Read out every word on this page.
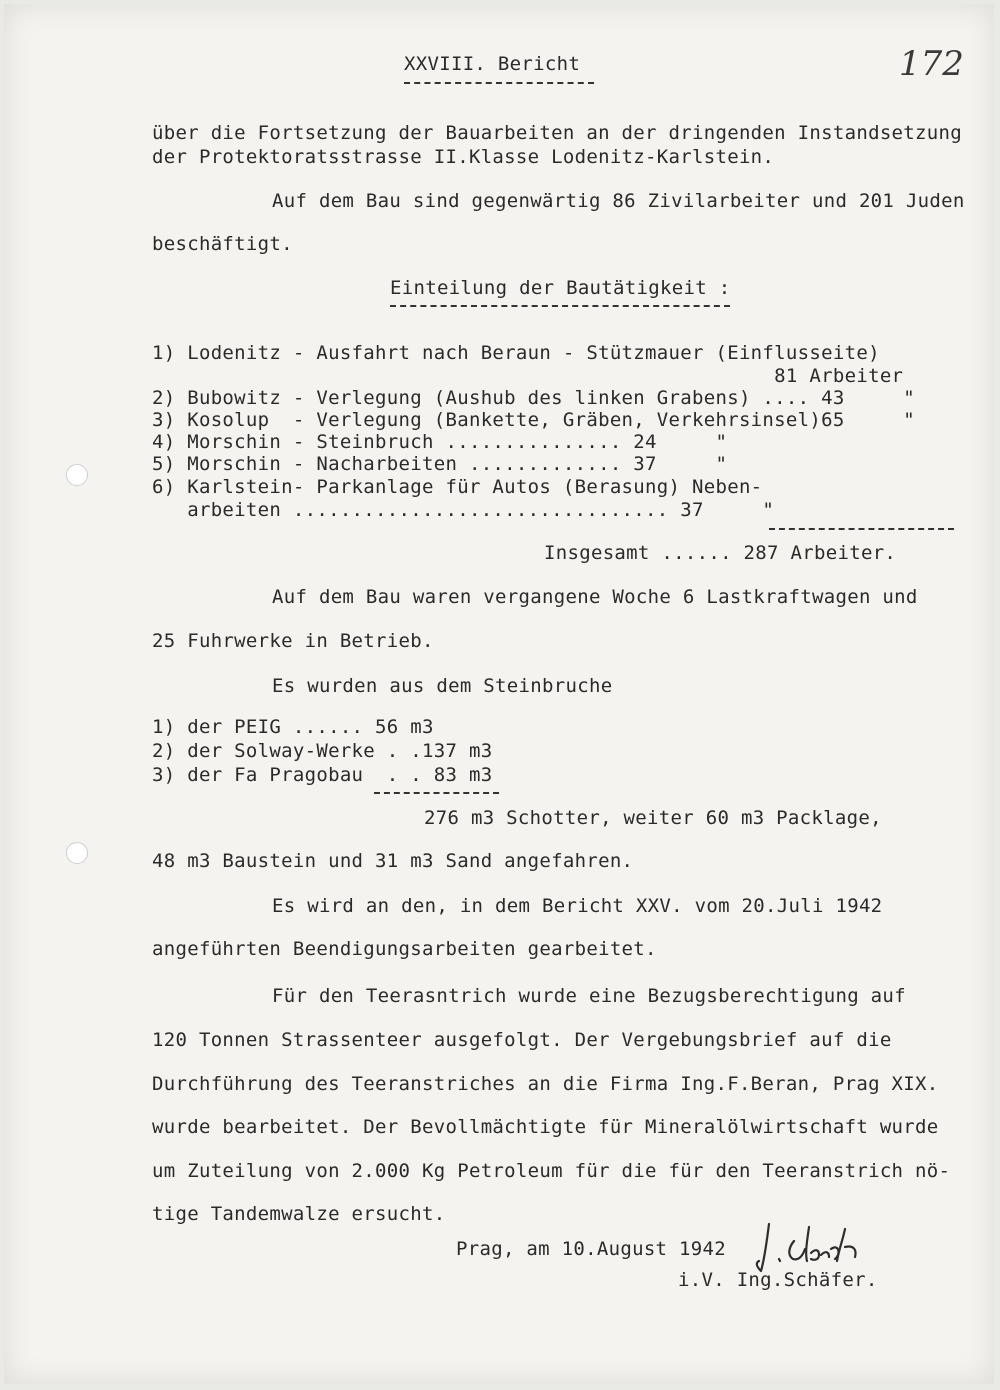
172
XXVIII. Bericht
über die Fortsetzung der Bauarbeiten an der dringenden Instandsetzung
der Protektoratsstrasse II.Klasse Lodenitz-Karlstein.
Auf dem Bau sind gegenwärtig 86 Zivilarbeiter und 201 Juden
beschäftigt.
Einteilung der Bautätigkeit :
1) Lodenitz - Ausfahrt nach Beraun - Stützmauer (Einflusseite)
81 Arbeiter
2) Bubowitz - Verlegung (Aushub des linken Grabens) .... 43     "
3) Kosolup  - Verlegung (Bankette, Gräben, Verkehrsinsel)65     "
4) Morschin - Steinbruch ............... 24     "
5) Morschin - Nacharbeiten ............. 37     "
6) Karlstein- Parkanlage für Autos (Berasung) Neben-
arbeiten ................................ 37     "
Insgesamt ...... 287 Arbeiter.
Auf dem Bau waren vergangene Woche 6 Lastkraftwagen und
25 Fuhrwerke in Betrieb.
Es wurden aus dem Steinbruche
1) der PEIG ...... 56 m3
2) der Solway-Werke . .137 m3
3) der Fa Pragobau  . . 83 m3
276 m3 Schotter, weiter 60 m3 Packlage,
48 m3 Baustein und 31 m3 Sand angefahren.
Es wird an den, in dem Bericht XXV. vom 20.Juli 1942
angeführten Beendigungsarbeiten gearbeitet.
Für den Teerasntrich wurde eine Bezugsberechtigung auf
120 Tonnen Strassenteer ausgefolgt. Der Vergebungsbrief auf die
Durchführung des Teeranstriches an die Firma Ing.F.Beran, Prag XIX.
wurde bearbeitet. Der Bevollmächtigte für Mineralölwirtschaft wurde
um Zuteilung von 2.000 Kg Petroleum für die für den Teeranstrich nö-
tige Tandemwalze ersucht.
Prag, am 10.August 1942
i.V. Ing.Schäfer.
